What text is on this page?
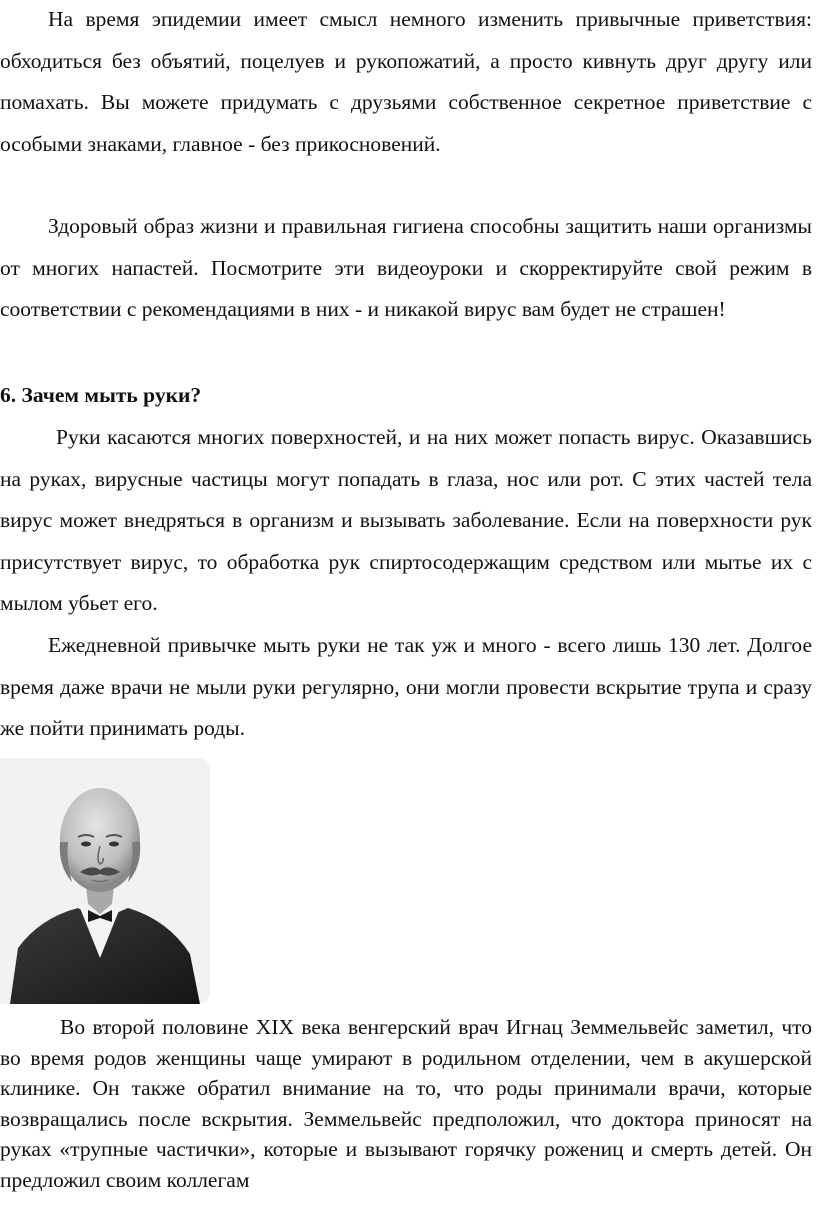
На время эпидемии имеет смысл немного изменить привычные приветствия: обходиться без объятий, поцелуев и рукопожатий, а просто кивнуть друг другу или помахать. Вы можете придумать с друзьями собственное секретное приветствие с особыми знаками, главное - без прикосновений.

Здоровый образ жизни и правильная гигиена способны защитить наши организмы от многих напастей. Посмотрите эти видеоуроки и скорректируйте свой режим в соответствии с рекомендациями в них - и никакой вирус вам будет не страшен!

6. Зачем мыть руки?

Руки касаются многих поверхностей, и на них может попасть вирус. Оказавшись на руках, вирусные частицы могут попадать в глаза, нос или рот. С этих частей тела вирус может внедряться в организм и вызывать заболевание. Если на поверхности рук присутствует вирус, то обработка рук спиртосодержащим средством или мытье их с мылом убьет его.

Ежедневной привычке мыть руки не так уж и много - всего лишь 130 лет. Долгое время даже врачи не мыли руки регулярно, они могли провести вскрытие трупа и сразу же пойти принимать роды.

Во второй половине XIX века венгерский врач Игнац Земмельвейс заметил, что во время родов женщины чаще умирают в родильном отделении, чем в акушерской клинике. Он также обратил внимание на то, что роды принимали врачи, которые возвращались после вскрытия. Земмельвейс предположил, что доктора приносят на руках «трупные частички», которые и вызывают горячку рожениц и смерть детей. Он предложил своим коллегам
